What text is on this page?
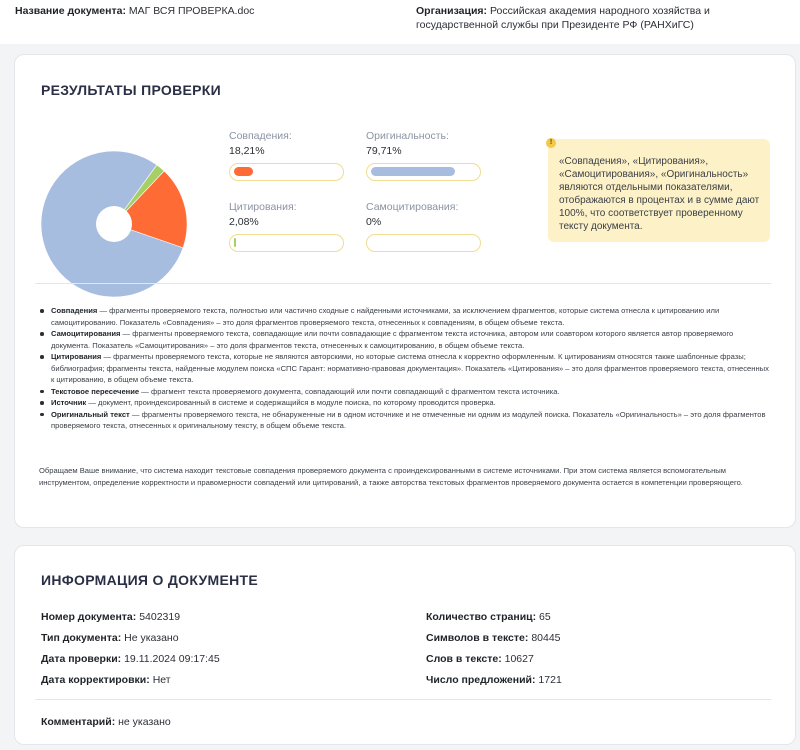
Название документа: МАГ ВСЯ ПРОВЕРКА.doc	Организация: Российская академия народного хозяйства и государственной службы при Президенте РФ (РАНХиГС)
РЕЗУЛЬТАТЫ ПРОВЕРКИ
Совпадения:
18,21%
Оригинальность:
79,71%
Цитирования:
2,08%
Самоцитирования:
0%
«Совпадения», «Цитирования», «Самоцитирования», «Оригинальность» являются отдельными показателями, отображаются в процентах и в сумме дают 100%, что соответствует проверенному тексту документа.
!
Совпадения — фрагменты проверяемого текста, полностью или частично сходные с найденными источниками, за исключением фрагментов, которые система отнесла к цитированию или самоцитированию. Показатель «Совпадения» – это доля фрагментов проверяемого текста, отнесенных к совпадениям, в общем объеме текста.
Самоцитирования — фрагменты проверяемого текста, совпадающие или почти совпадающие с фрагментом текста источника, автором или соавтором которого является автор проверяемого документа. Показатель «Самоцитирования» – это доля фрагментов текста, отнесенных к самоцитированию, в общем объеме текста.
Цитирования — фрагменты проверяемого текста, которые не являются авторскими, но которые система отнесла к корректно оформленным. К цитированиям относятся также шаблонные фразы; библиография; фрагменты текста, найденные модулем поиска «СПС Гарант: нормативно-правовая документация». Показатель «Цитирования» – это доля фрагментов проверяемого текста, отнесенных к цитированию, в общем объеме текста.
Текстовое пересечение — фрагмент текста проверяемого документа, совпадающий или почти совпадающий с фрагментом текста источника.
Источник — документ, проиндексированный в системе и содержащийся в модуле поиска, по которому проводится проверка.
Оригинальный текст — фрагменты проверяемого текста, не обнаруженные ни в одном источнике и не отмеченные ни одним из модулей поиска. Показатель «Оригинальность» – это доля фрагментов проверяемого текста, отнесенных к оригинальному тексту, в общем объеме текста.
Обращаем Ваше внимание, что система находит текстовые совпадения проверяемого документа с проиндексированными в системе источниками. При этом система является вспомогательным инструментом, определение корректности и правомерности совпадений или цитирований, а также авторства текстовых фрагментов проверяемого документа остается в компетенции проверяющего.
ИНФОРМАЦИЯ О ДОКУМЕНТЕ
Номер документа: 5402319
Тип документа: Не указано
Дата проверки: 19.11.2024 09:17:45
Дата корректировки: Нет
Количество страниц: 65
Символов в тексте: 80445
Слов в тексте: 10627
Число предложений: 1721
Комментарий: не указано
